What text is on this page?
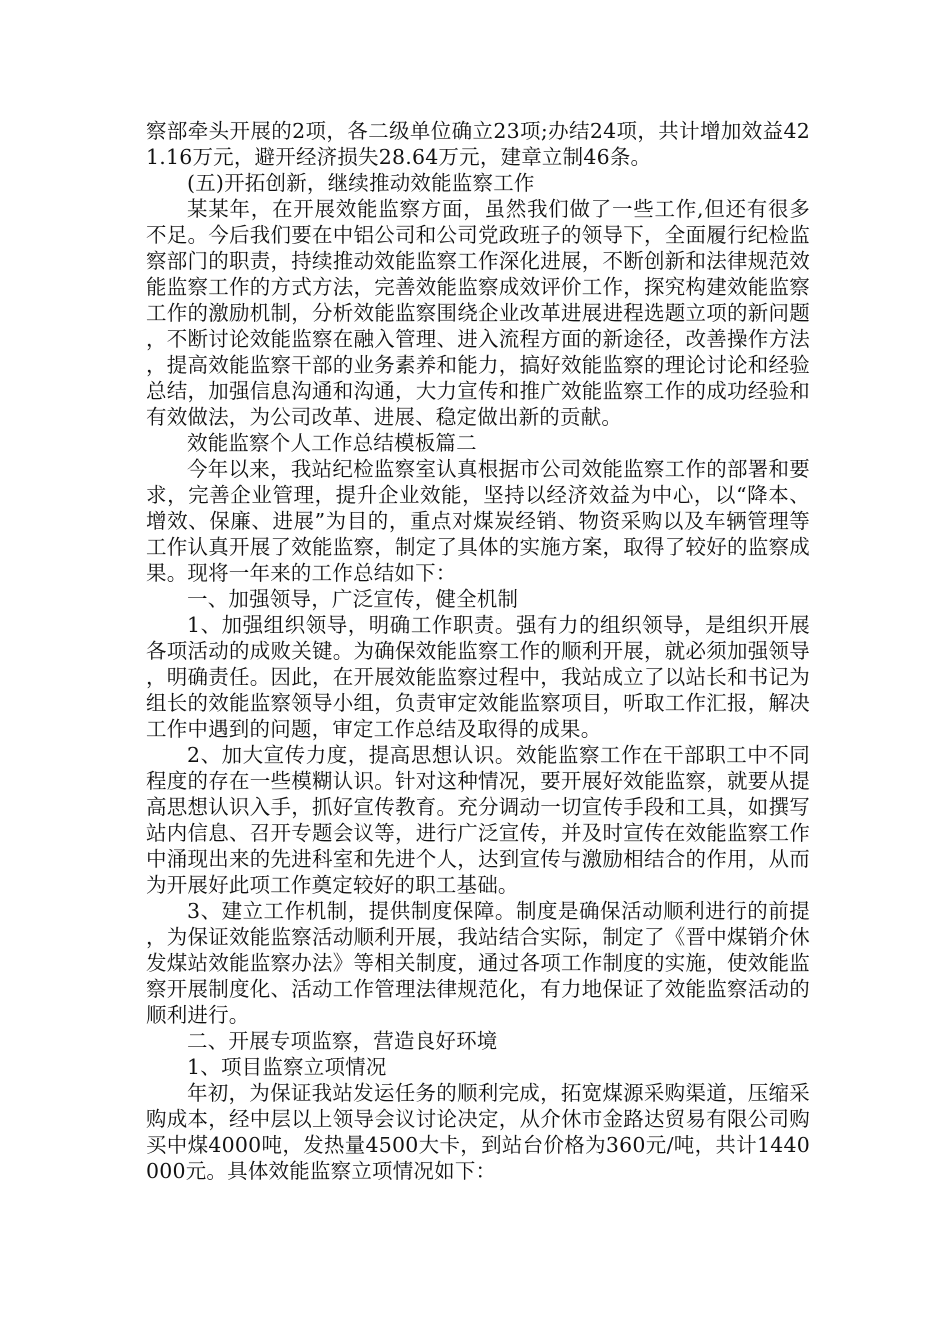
察部牵头开展的2项，各二级单位确立23项;办结24项，共计增加效益421.16万元，避开经济损失28.64万元，建章立制46条。

(五)开拓创新，继续推动效能监察工作

某某年，在开展效能监察方面，虽然我们做了一些工作,但还有很多不足。今后我们要在中铝公司和公司党政班子的领导下，全面履行纪检监察部门的职责，持续推动效能监察工作深化进展，不断创新和法律规范效能监察工作的方式方法，完善效能监察成效评价工作，探究构建效能监察工作的激励机制，分析效能监察围绕企业改革进展进程选题立项的新问题，不断讨论效能监察在融入管理、进入流程方面的新途径，改善操作方法，提高效能监察干部的业务素养和能力，搞好效能监察的理论讨论和经验总结，加强信息沟通和沟通，大力宣传和推广效能监察工作的成功经验和有效做法，为公司改革、进展、稳定做出新的贡献。

效能监察个人工作总结模板篇二

今年以来，我站纪检监察室认真根据市公司效能监察工作的部署和要求，完善企业管理，提升企业效能，坚持以经济效益为中心，以“降本、增效、保廉、进展”为目的，重点对煤炭经销、物资采购以及车辆管理等工作认真开展了效能监察，制定了具体的实施方案，取得了较好的监察成果。现将一年来的工作总结如下：

一、加强领导，广泛宣传，健全机制

1、加强组织领导，明确工作职责。强有力的组织领导，是组织开展各项活动的成败关键。为确保效能监察工作的顺利开展，就必须加强领导，明确责任。因此，在开展效能监察过程中，我站成立了以站长和书记为组长的效能监察领导小组，负责审定效能监察项目，听取工作汇报，解决工作中遇到的问题，审定工作总结及取得的成果。

2、加大宣传力度，提高思想认识。效能监察工作在干部职工中不同程度的存在一些模糊认识。针对这种情况，要开展好效能监察，就要从提高思想认识入手，抓好宣传教育。充分调动一切宣传手段和工具，如撰写站内信息、召开专题会议等，进行广泛宣传，并及时宣传在效能监察工作中涌现出来的先进科室和先进个人，达到宣传与激励相结合的作用，从而为开展好此项工作奠定较好的职工基础。

3、建立工作机制，提供制度保障。制度是确保活动顺利进行的前提，为保证效能监察活动顺利开展，我站结合实际，制定了《晋中煤销介休发煤站效能监察办法》等相关制度，通过各项工作制度的实施，使效能监察开展制度化、活动工作管理法律规范化，有力地保证了效能监察活动的顺利进行。

二、开展专项监察，营造良好环境

1、项目监察立项情况

年初，为保证我站发运任务的顺利完成，拓宽煤源采购渠道，压缩采购成本，经中层以上领导会议讨论决定，从介休市金路达贸易有限公司购买中煤4000吨，发热量4500大卡，到站台价格为360元/吨，共计1440000元。具体效能监察立项情况如下：
